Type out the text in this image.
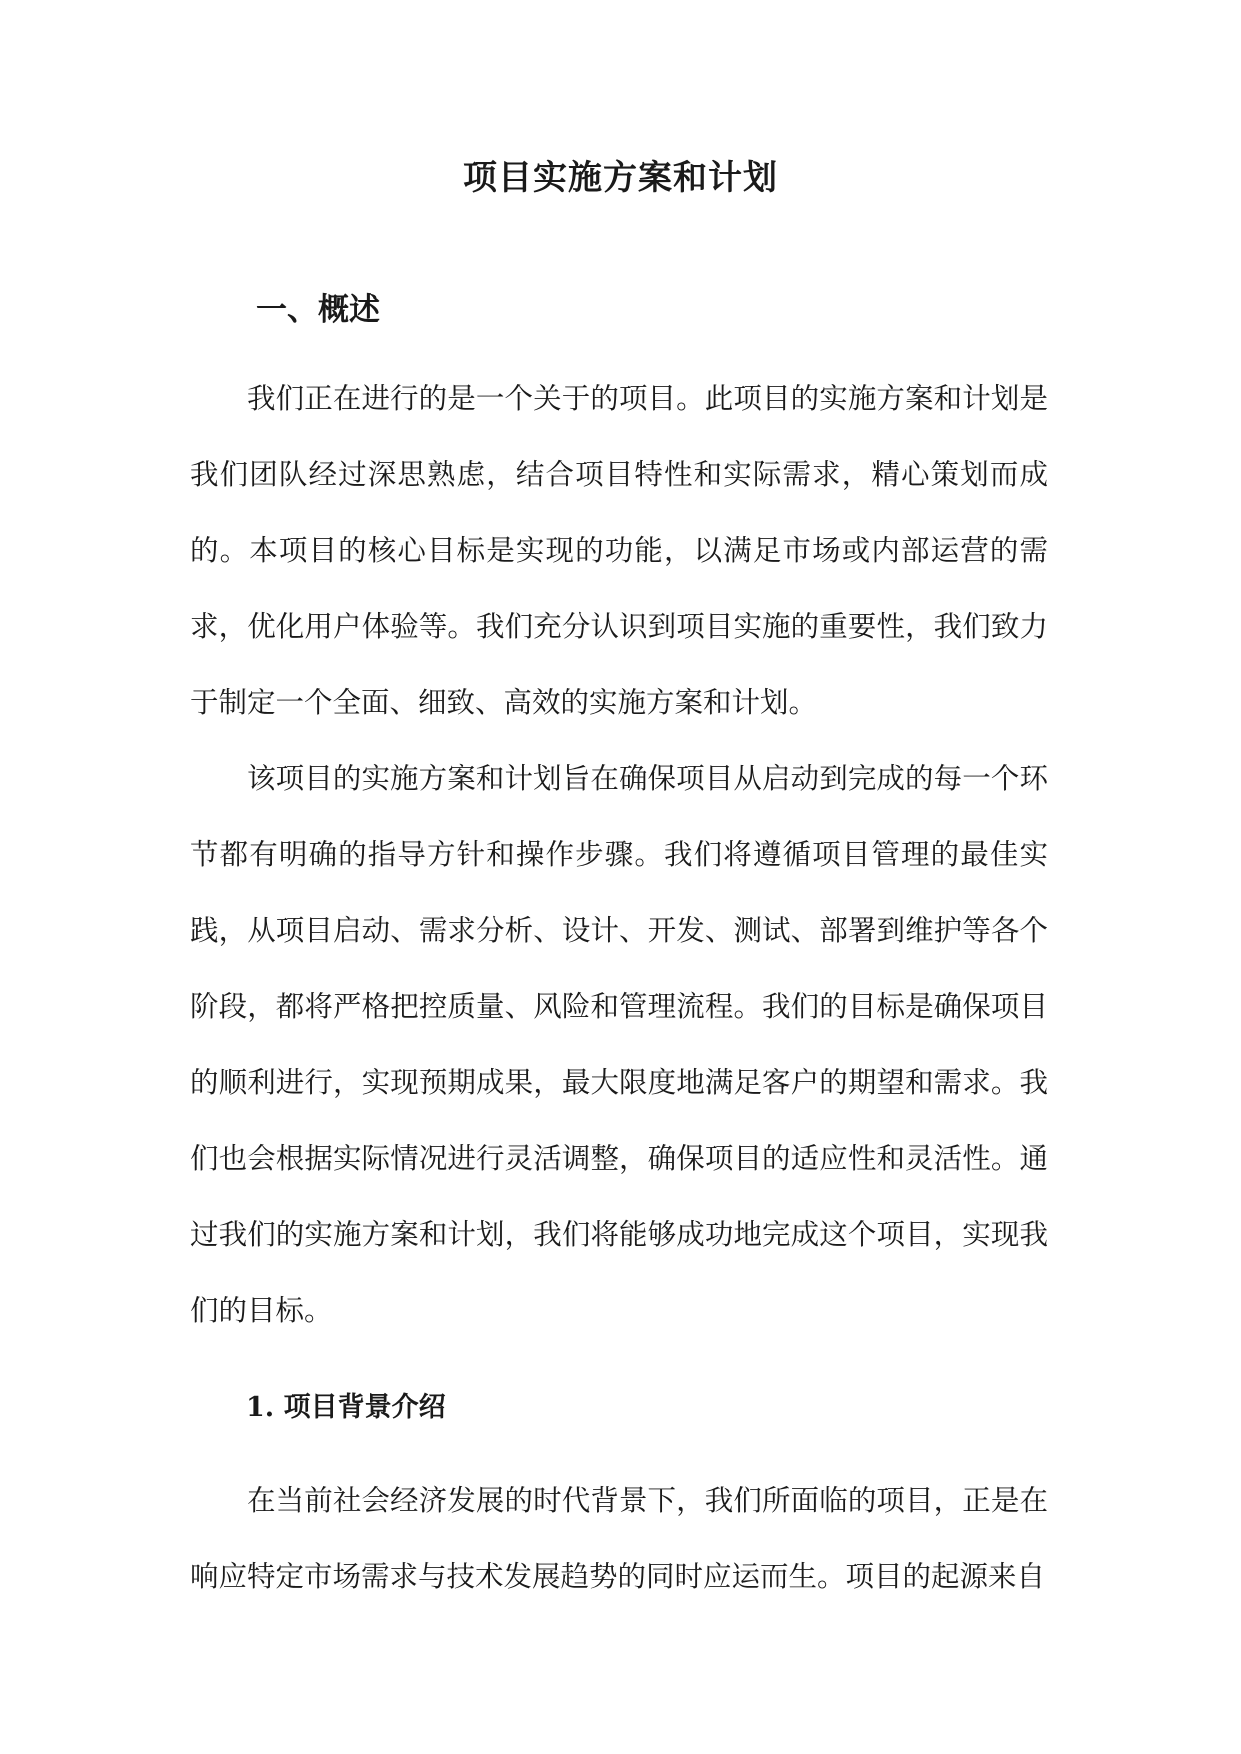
项目实施方案和计划
一、概述

我们正在进行的是一个关于的项目。此项目的实施方案和计划是我们团队经过深思熟虑，结合项目特性和实际需求，精心策划而成的。本项目的核心目标是实现的功能，以满足市场或内部运营的需求，优化用户体验等。我们充分认识到项目实施的重要性，我们致力于制定一个全面、细致、高效的实施方案和计划。

该项目的实施方案和计划旨在确保项目从启动到完成的每一个环节都有明确的指导方针和操作步骤。我们将遵循项目管理的最佳实践，从项目启动、需求分析、设计、开发、测试、部署到维护等各个阶段，都将严格把控质量、风险和管理流程。我们的目标是确保项目的顺利进行，实现预期成果，最大限度地满足客户的期望和需求。我们也会根据实际情况进行灵活调整，确保项目的适应性和灵活性。通过我们的实施方案和计划，我们将能够成功地完成这个项目，实现我们的目标。

1. 项目背景介绍

在当前社会经济发展的时代背景下，我们所面临的项目，正是在响应特定市场需求与技术发展趋势的同时应运而生。项目的起源来自
